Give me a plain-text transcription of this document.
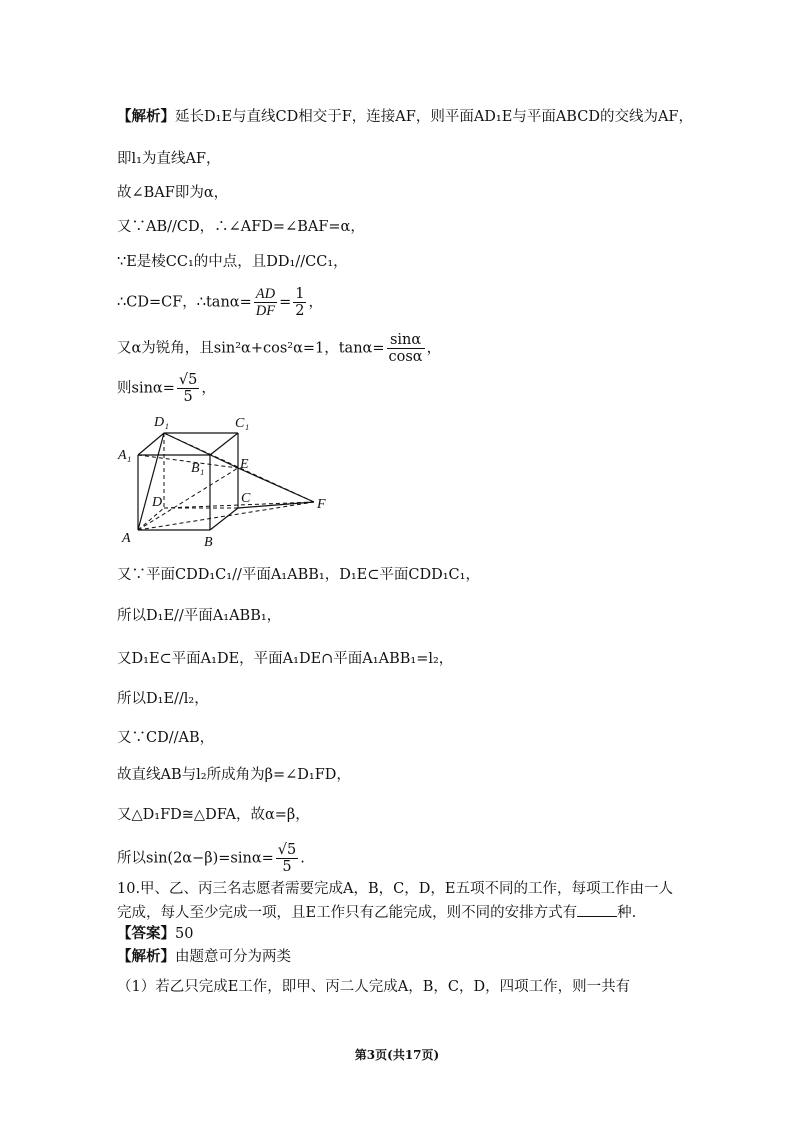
【解析】延长D₁E与直线CD相交于F，连接AF，则平面AD₁E与平面ABCD的交线为AF，
即l₁为直线AF，
故∠BAF即为α，
又∵AB//CD，∴∠AFD=∠BAF=α，
∵E是棱CC₁的中点，且DD₁//CC₁，
∴CD=CF，∴tanα= $\frac{AD}{DF} = \frac{1}{2}$ ，
又α为锐角，且sin²α+cos²α=1，$\tan\alpha= \frac{\sin\alpha}{\cos\alpha}$ ，
则$\sin\alpha= \frac{√5}{5}$ ，
D₁	C₁
A₁
B₁	E
D	C	F
A	B
又∵平面CDD₁C₁//平面A₁ABB₁，D₁E⊂平面CDD₁C₁，
所以D₁E//平面A₁ABB₁，
又D₁E⊂平面A₁DE，平面A₁DE∩平面A₁ABB₁=l₂，
所以D₁E//l₂，
又∵CD//AB，
故直线AB与l₂所成角为β=∠D₁FD，
又△D₁FD≅△DFA，故α=β，
所以$\sin(2\alpha-\beta)=\sin\alpha= \frac{√5}{5}$ .
10.甲、乙、丙三名志愿者需要完成A，B，C，D，E五项不同的工作，每项工作由一人
完成，每人至少完成一项，且E工作只有乙能完成，则不同的安排方式有	种.
【答案】50
【解析】由题意可分为两类
（1）若乙只完成E工作，即甲、丙二人完成A，B，C，D，四项工作，则一共有
第3页(共17页)
